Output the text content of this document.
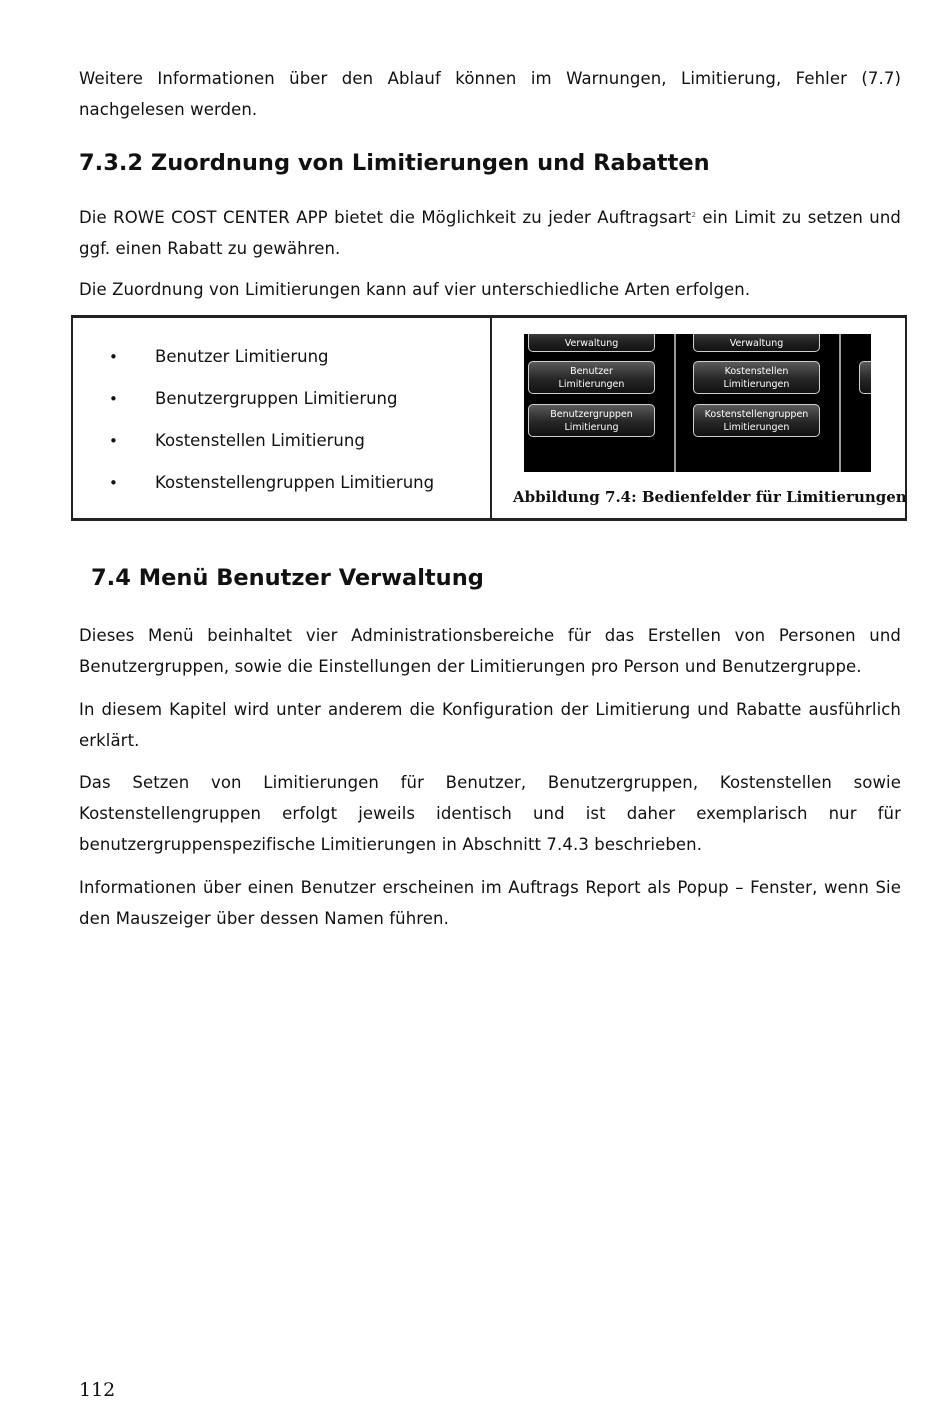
Weitere Informationen über den Ablauf können im Warnungen, Limitierung, Fehler (7.7) nachgelesen werden.

7.3.2 Zuordnung von Limitierungen und Rabatten

Die ROWE COST CENTER APP bietet die Möglichkeit zu jeder Auftragsart$^2$ ein Limit zu setzen und ggf. einen Rabatt zu gewähren.

Die Zuordnung von Limitierungen kann auf vier unterschiedliche Arten erfolgen.

• Benutzer Limitierung
• Benutzergruppen Limitierung
• Kostenstellen Limitierung
• Kostenstellengruppen Limitierung
Verwaltung
Benutzer
Limitierungen
Benutzergruppen
Limitierung
Verwaltung
Kostenstellen
Limitierungen
Kostenstellengruppen
Limitierungen
Abbildung 7.4: Bedienfelder für Limitierungen
7.4 Menü Benutzer Verwaltung

Dieses Menü beinhaltet vier Administrationsbereiche für das Erstellen von Personen und Benutzergruppen, sowie die Einstellungen der Limitierungen pro Person und Benutzergruppe.

In diesem Kapitel wird unter anderem die Konfiguration der Limitierung und Rabatte ausführlich erklärt.

Das Setzen von Limitierungen für Benutzer, Benutzergruppen, Kostenstellen sowie Kostenstellengruppen erfolgt jeweils identisch und ist daher exemplarisch nur für benutzergruppenspezifische Limitierungen in Abschnitt 7.4.3 beschrieben.

Informationen über einen Benutzer erscheinen im Auftrags Report als Popup – Fenster, wenn Sie den Mauszeiger über dessen Namen führen.

112
